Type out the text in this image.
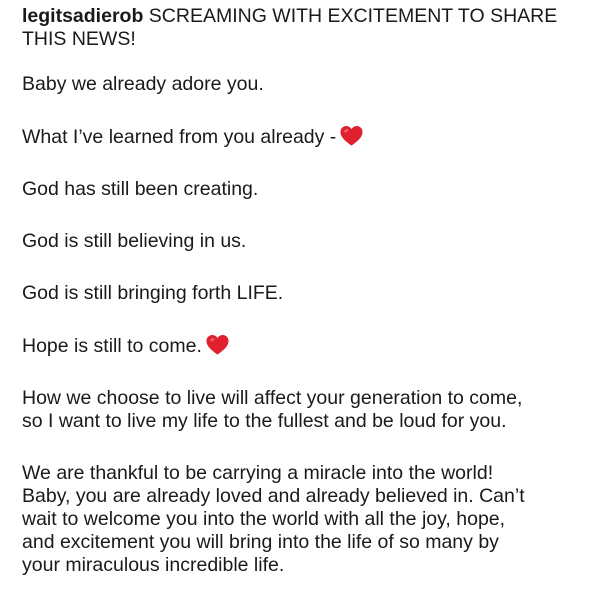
legitsadierob SCREAMING WITH EXCITEMENT TO SHARE THIS NEWS!

Baby we already adore you.

What I’ve learned from you already -

God has still been creating.

God is still believing in us.

God is still bringing forth LIFE.

Hope is still to come.

How we choose to live will affect your generation to come,
so I want to live my life to the fullest and be loud for you.
We are thankful to be carrying a miracle into the world!
Baby, you are already loved and already believed in. Can’t
wait to welcome you into the world with all the joy, hope,
and excitement you will bring into the life of so many by
your miraculous incredible life.
